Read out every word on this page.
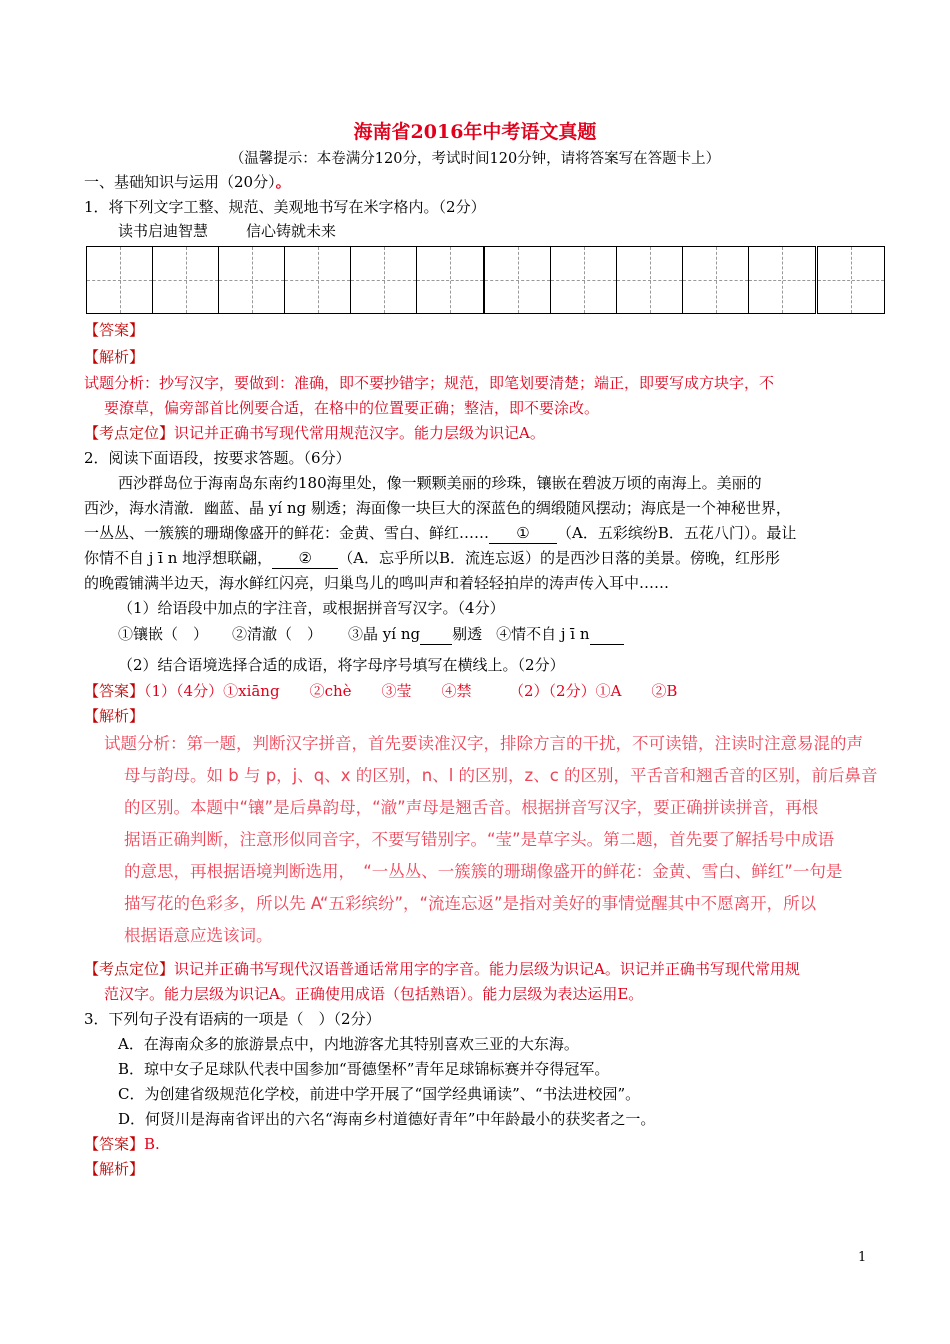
海南省2016年中考语文真题
（温馨提示：本卷满分120分，考试时间120分钟，请将答案写在答题卡上）
一、基础知识与运用（20分）。
1．将下列文字工整、规范、美观地书写在米字格内。（2分）
读书启迪智慧	信心铸就未来
【答案】
【解析】
试题分析：抄写汉字，要做到：准确，即不要抄错字；规范，即笔划要清楚；端正，即要写成方块字，不
要潦草，偏旁部首比例要合适，在格中的位置要正确；整洁，即不要涂改。
【考点定位】识记并正确书写现代常用规范汉字。能力层级为识记A。
2．阅读下面语段，按要求答题。（6分）
西沙群岛位于海南岛东南约180海里处，像一颗颗美丽的珍珠，镶嵌在碧波万顷的南海上。美丽的
西沙，海水清澈．幽蓝、晶 yí ng 剔透；海面像一块巨大的深蓝色的绸缎随风摆动；海底是一个神秘世界，
一丛丛、一簇簇的珊瑚像盛开的鲜花：金黄、雪白、鲜红…… ① （A．五彩缤纷B．五花八门）。最让
你情不自 j ī n 地浮想联翩， ② （A．忘乎所以B．流连忘返）的是西沙日落的美景。傍晚，红彤彤
的晚霞铺满半边天，海水鲜红闪亮，归巢鸟儿的鸣叫声和着轻轻拍岸的涛声传入耳中……
（1）给语段中加点的字注音，或根据拼音写汉字。（4分）
①镶嵌（　） ②清澈（　） ③晶 yí ng 剔透 ④情不自 j ī n
（2）结合语境选择合适的成语，将字母序号填写在横线上。（2分）
【答案】（1）（4分）①xiāng　　②chè　　③莹　　④禁　　　（2）（2分）①A　　②B
【解析】
试题分析：第一题，判断汉字拼音，首先要读准汉字，排除方言的干扰，不可读错，注读时注意易混的声
母与韵母。如 b 与 p，j、q、x 的区别，n、l 的区别，z、c 的区别，平舌音和翘舌音的区别，前后鼻音
的区别。本题中“镶”是后鼻韵母，“澈”声母是翘舌音。根据拼音写汉字，要正确拼读拼音，再根
据语正确判断，注意形似同音字，不要写错别字。“莹”是草字头。第二题，首先要了解括号中成语
的意思，再根据语境判断选用，　“一丛丛、一簇簇的珊瑚像盛开的鲜花：金黄、雪白、鲜红”一句是
描写花的色彩多，所以先 A“五彩缤纷”，“流连忘返”是指对美好的事情觉醒其中不愿离开，所以
根据语意应选该词。
【考点定位】识记并正确书写现代汉语普通话常用字的字音。能力层级为识记A。识记并正确书写现代常用规
范汉字。能力层级为识记A。正确使用成语（包括熟语）。能力层级为表达运用E。
3．下列句子没有语病的一项是（　）（2分）
A．在海南众多的旅游景点中，内地游客尤其特别喜欢三亚的大东海。
B．琼中女子足球队代表中国参加“哥德堡杯”青年足球锦标赛并夺得冠军。
C．为创建省级规范化学校，前进中学开展了“国学经典诵读”、“书法进校园”。
D．何贤川是海南省评出的六名“海南乡村道德好青年”中年龄最小的获奖者之一。
【答案】B.
【解析】
1
